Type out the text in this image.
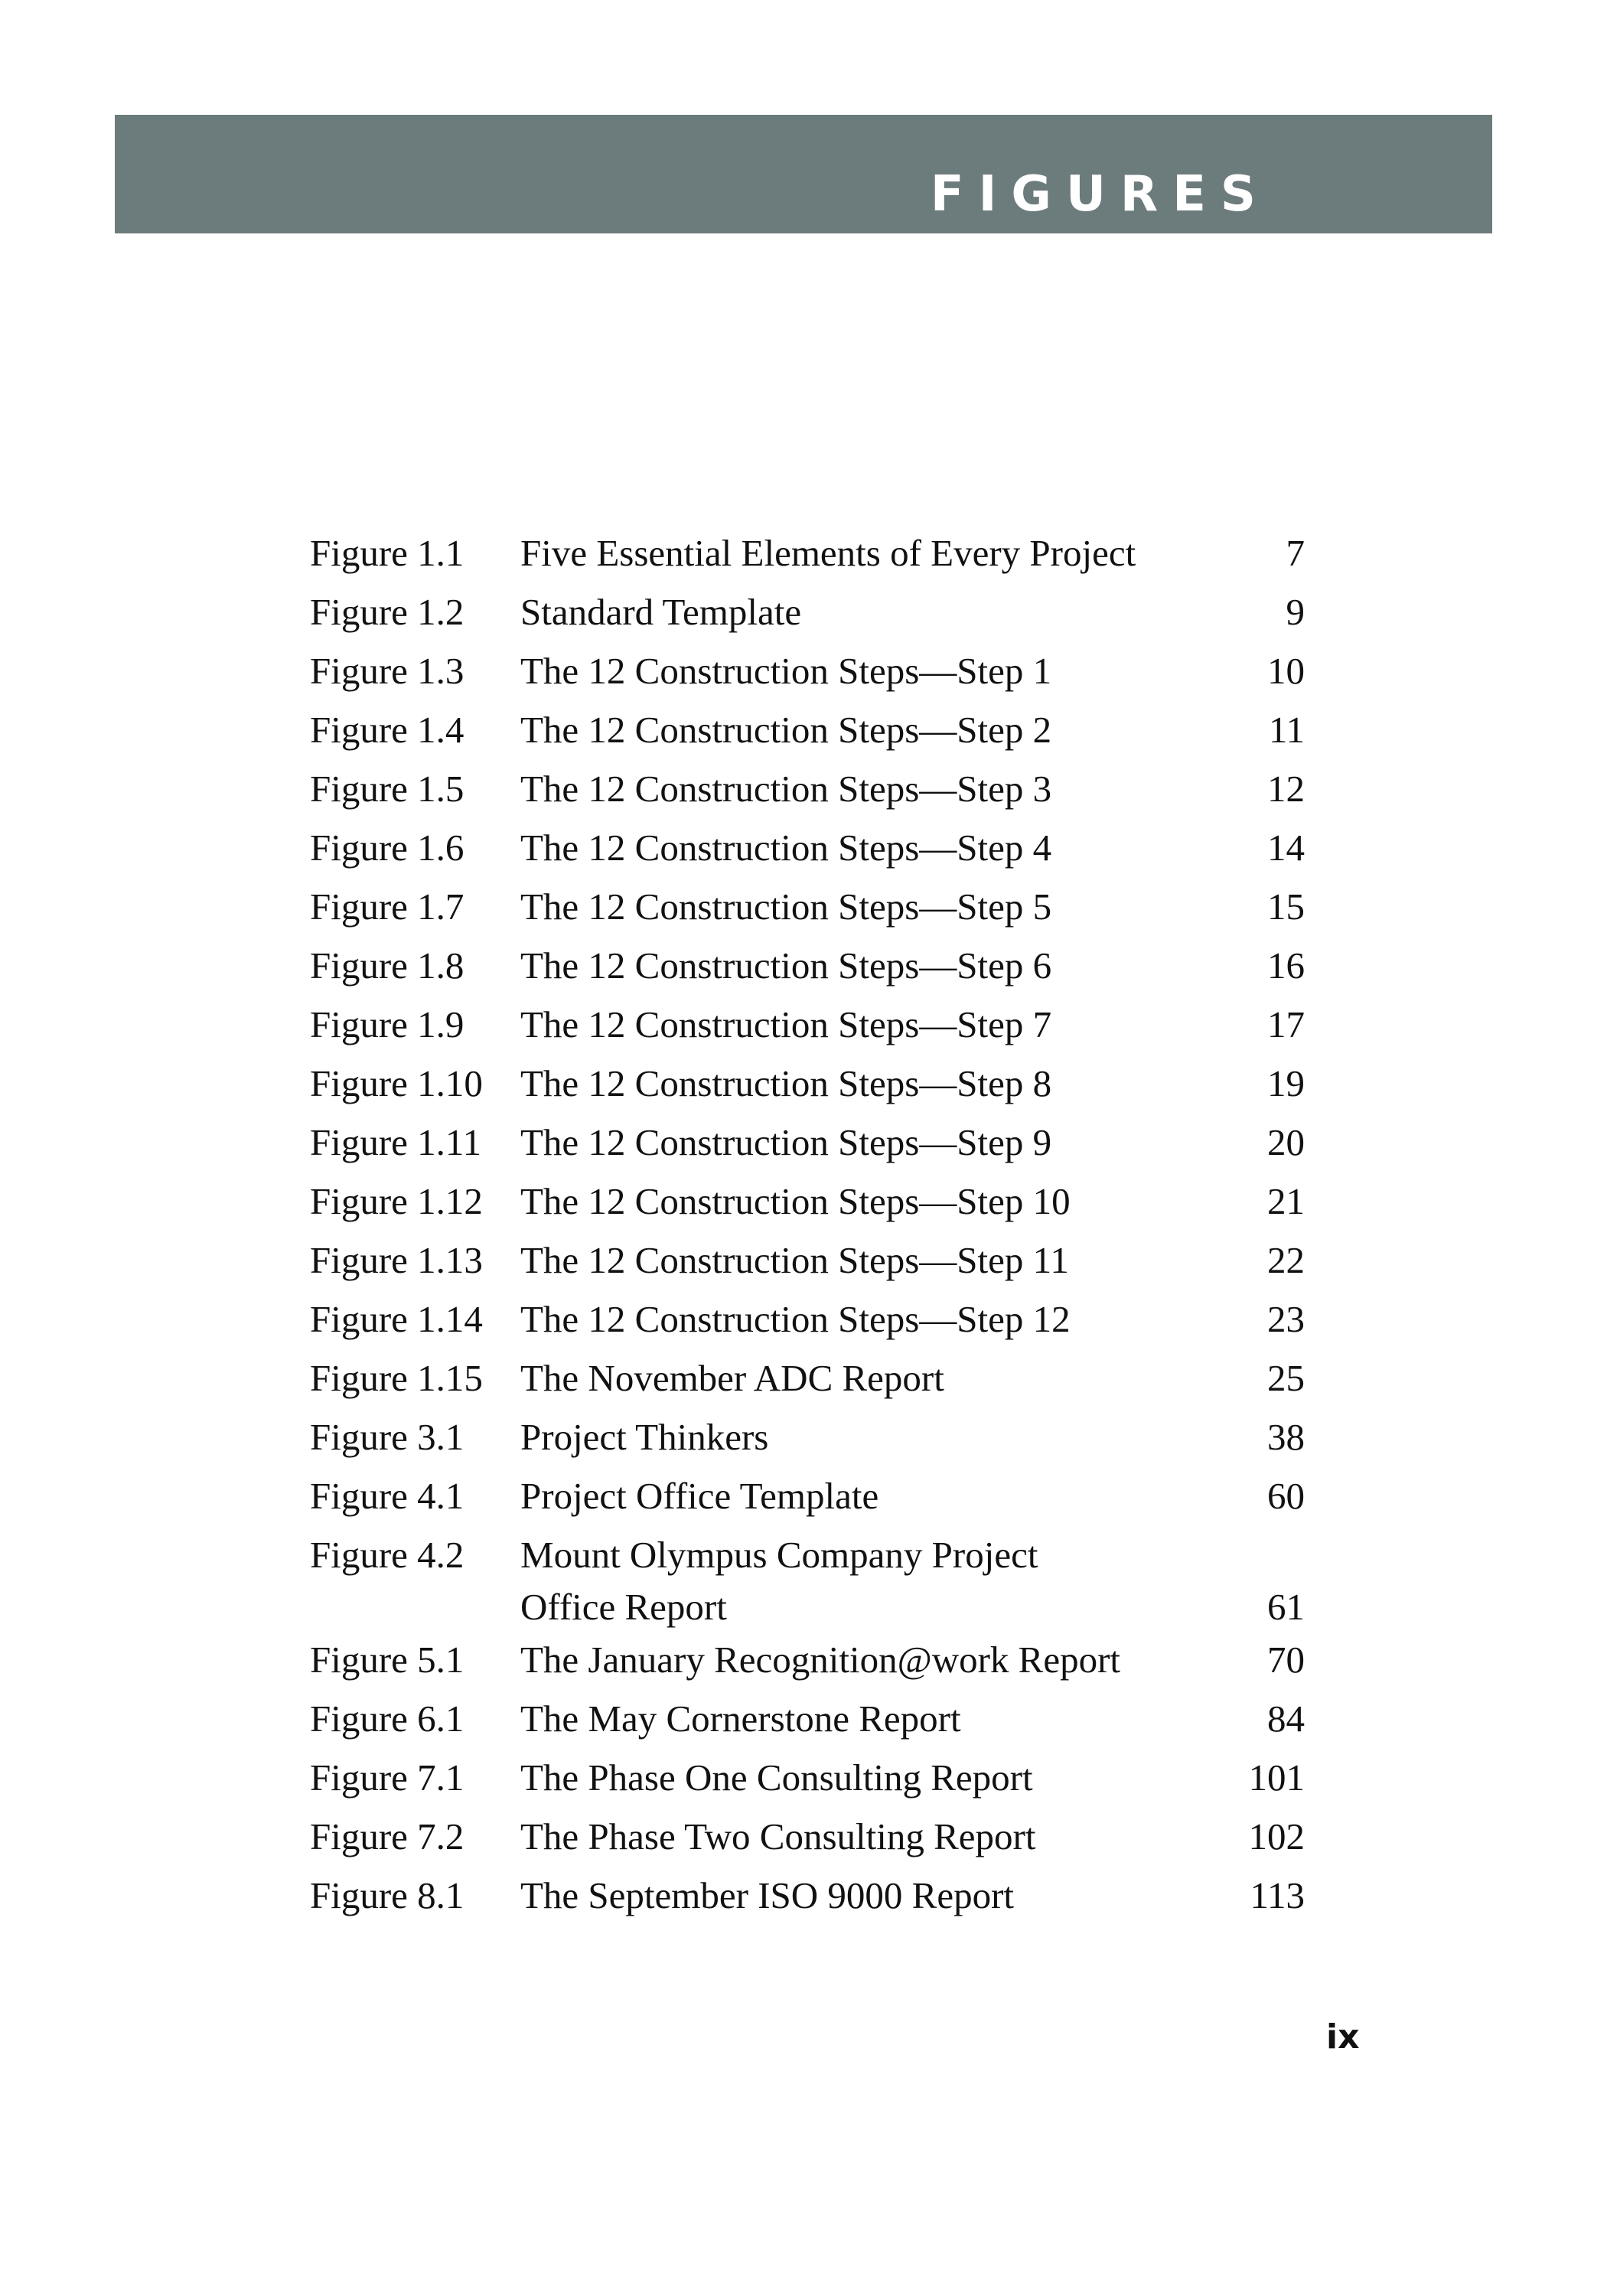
FIGURES
Figure 1.1	Five Essential Elements of Every Project	7
Figure 1.2	Standard Template	9
Figure 1.3	The 12 Construction Steps—Step 1	10
Figure 1.4	The 12 Construction Steps—Step 2	11
Figure 1.5	The 12 Construction Steps—Step 3	12
Figure 1.6	The 12 Construction Steps—Step 4	14
Figure 1.7	The 12 Construction Steps—Step 5	15
Figure 1.8	The 12 Construction Steps—Step 6	16
Figure 1.9	The 12 Construction Steps—Step 7	17
Figure 1.10	The 12 Construction Steps—Step 8	19
Figure 1.11	The 12 Construction Steps—Step 9	20
Figure 1.12	The 12 Construction Steps—Step 10	21
Figure 1.13	The 12 Construction Steps—Step 11	22
Figure 1.14	The 12 Construction Steps—Step 12	23
Figure 1.15	The November ADC Report	25
Figure 3.1	Project Thinkers	38
Figure 4.1	Project Office Template	60
Figure 4.2	Mount Olympus Company Project
Office Report	61
Figure 5.1	The January Recognition@work Report	70
Figure 6.1	The May Cornerstone Report	84
Figure 7.1	The Phase One Consulting Report	101
Figure 7.2	The Phase Two Consulting Report	102
Figure 8.1	The September ISO 9000 Report	113
ix
